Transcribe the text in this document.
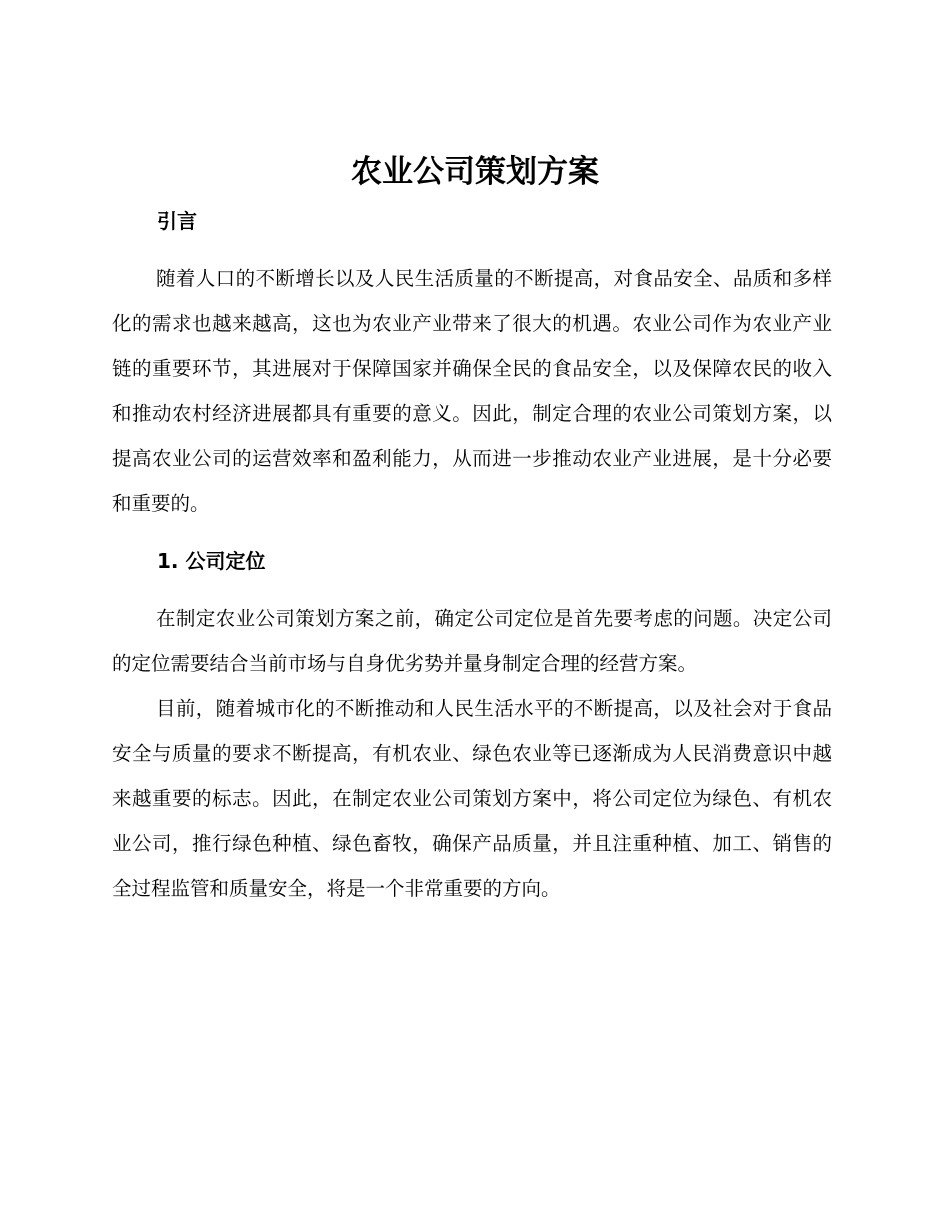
农业公司策划方案
引言
随着人口的不断增长以及人民生活质量的不断提高，对食品安全、品质和多样化的需求也越来越高，这也为农业产业带来了很大的机遇。农业公司作为农业产业链的重要环节，其进展对于保障国家并确保全民的食品安全，以及保障农民的收入和推动农村经济进展都具有重要的意义。因此，制定合理的农业公司策划方案，以提高农业公司的运营效率和盈利能力，从而进一步推动农业产业进展，是十分必要和重要的。
1. 公司定位
在制定农业公司策划方案之前，确定公司定位是首先要考虑的问题。决定公司的定位需要结合当前市场与自身优劣势并量身制定合理的经营方案。
目前，随着城市化的不断推动和人民生活水平的不断提高，以及社会对于食品安全与质量的要求不断提高，有机农业、绿色农业等已逐渐成为人民消费意识中越来越重要的标志。因此，在制定农业公司策划方案中，将公司定位为绿色、有机农业公司，推行绿色种植、绿色畜牧，确保产品质量，并且注重种植、加工、销售的全过程监管和质量安全，将是一个非常重要的方向。
